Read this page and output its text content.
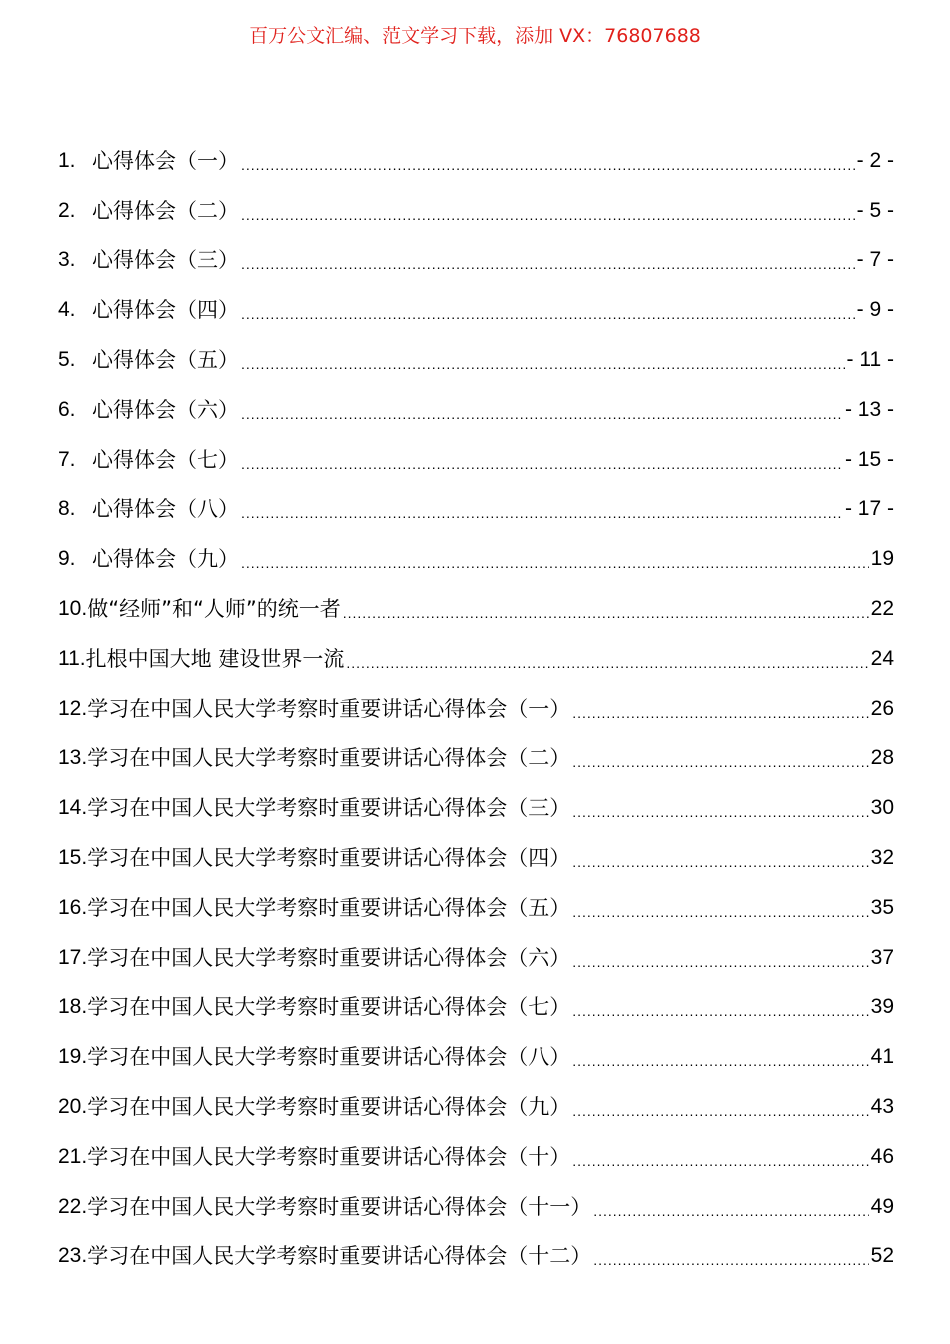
百万公文汇编、范文学习下载，添加 VX：76807688
1. 心得体会（一） .....	- 2 -
2. 心得体会（二） .....	- 5 -
3. 心得体会（三） .....	- 7 -
4. 心得体会（四） .....	- 9 -
5. 心得体会（五） .....	- 11 -
6. 心得体会（六） .....	- 13 -
7. 心得体会（七） .....	- 15 -
8. 心得体会（八） .....	- 17 -
9. 心得体会（九） .....	19
10. 做“经师”和“人师”的统一者 .....	22
11. 扎根中国大地 建设世界一流 .....	24
12. 学习在中国人民大学考察时重要讲话心得体会（一） .....	26
13. 学习在中国人民大学考察时重要讲话心得体会（二） .....	28
14. 学习在中国人民大学考察时重要讲话心得体会（三） .....	30
15. 学习在中国人民大学考察时重要讲话心得体会（四） .....	32
16. 学习在中国人民大学考察时重要讲话心得体会（五） .....	35
17. 学习在中国人民大学考察时重要讲话心得体会（六） .....	37
18. 学习在中国人民大学考察时重要讲话心得体会（七） .....	39
19. 学习在中国人民大学考察时重要讲话心得体会（八） .....	41
20. 学习在中国人民大学考察时重要讲话心得体会（九） .....	43
21. 学习在中国人民大学考察时重要讲话心得体会（十） .....	46
22. 学习在中国人民大学考察时重要讲话心得体会（十一） .....	49
23. 学习在中国人民大学考察时重要讲话心得体会（十二） .....	52
